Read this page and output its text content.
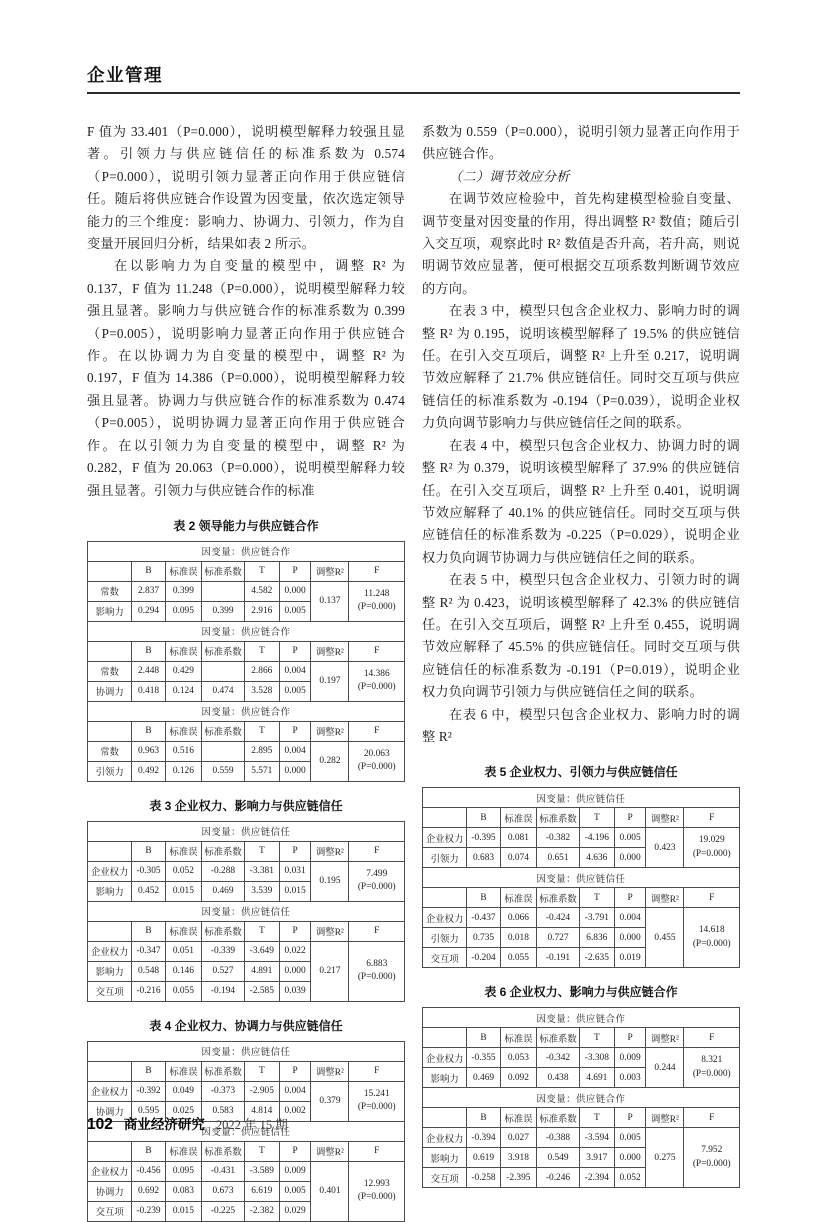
企业管理

F 值为 33.401（P=0.000），说明模型解释力较强且显著。引领力与供应链信任的标准系数为 0.574（P=0.000），说明引领力显著正向作用于供应链信任。随后将供应链合作设置为因变量，依次选定领导能力的三个维度：影响力、协调力、引领力，作为自变量开展回归分析，结果如表 2 所示。

在以影响力为自变量的模型中，调整 R² 为 0.137，F 值为 11.248（P=0.000），说明模型解释力较强且显著。影响力与供应链合作的标准系数为 0.399（P=0.005），说明影响力显著正向作用于供应链合作。在以协调力为自变量的模型中，调整 R² 为 0.197，F 值为 14.386（P=0.000），说明模型解释力较强且显著。协调力与供应链合作的标准系数为 0.474（P=0.005），说明协调力显著正向作用于供应链合作。在以引领力为自变量的模型中，调整 R² 为 0.282，F 值为 20.063（P=0.000），说明模型解释力较强且显著。引领力与供应链合作的标准

表 2 领导能力与供应链合作
因变量：供应链合作							
	B	标准误	标准系数	T	P	调整R²	F
常数	2.837	0.399		4.582	0.000	0.137	11.248
(P=0.000)

影响力	0.294	0.095	0.399	2.916	0.005		
因变量：供应链合作							
	B	标准误	标准系数	T	P	调整R²	F
常数	2.448	0.429		2.866	0.004	0.197	14.386
(P=0.000)

协调力	0.418	0.124	0.474	3.528	0.005		
因变量：供应链合作							
	B	标准误	标准系数	T	P	调整R²	F
常数	0.963	0.516		2.895	0.004	0.282	20.063
(P=0.000)

引领力	0.492	0.126	0.559	5.571	0.000		
表 3 企业权力、影响力与供应链信任
因变量：供应链信任							
	B	标准误	标准系数	T	P	调整R²	F
企业权力	-0.305	0.052	-0.288	-3.381	0.031	0.195	7.499
(P=0.000)

影响力	0.452	0.015	0.469	3.539	0.015		
因变量：供应链信任							
	B	标准误	标准系数	T	P	调整R²	F
企业权力	-0.347	0.051	-0.339	-3.649	0.022	0.217	6.883
(P=0.000)

影响力	0.548	0.146	0.527	4.891	0.000		
交互项	-0.216	0.055	-0.194	-2.585	0.039		
表 4 企业权力、协调力与供应链信任
因变量：供应链信任							
	B	标准误	标准系数	T	P	调整R²	F
企业权力	-0.392	0.049	-0.373	-2.905	0.004	0.379	15.241
(P=0.000)

协调力	0.595	0.025	0.583	4.814	0.002		
因变量：供应链信任							
	B	标准误	标准系数	T	P	调整R²	F
企业权力	-0.456	0.095	-0.431	-3.589	0.009	0.401	12.993
(P=0.000)

协调力	0.692	0.083	0.673	6.619	0.005		
交互项	-0.239	0.015	-0.225	-2.382	0.029		

系数为 0.559（P=0.000），说明引领力显著正向作用于供应链合作。

（二）调节效应分析

在调节效应检验中，首先构建模型检验自变量、调节变量对因变量的作用，得出调整 R² 数值；随后引入交互项，观察此时 R² 数值是否升高，若升高，则说明调节效应显著，便可根据交互项系数判断调节效应的方向。

在表 3 中，模型只包含企业权力、影响力时的调整 R² 为 0.195，说明该模型解释了 19.5% 的供应链信任。在引入交互项后，调整 R² 上升至 0.217，说明调节效应解释了 21.7% 供应链信任。同时交互项与供应链信任的标准系数为 -0.194（P=0.039），说明企业权力负向调节影响力与供应链信任之间的联系。

在表 4 中，模型只包含企业权力、协调力时的调整 R² 为 0.379，说明该模型解释了 37.9% 的供应链信任。在引入交互项后，调整 R² 上升至 0.401，说明调节效应解释了 40.1% 的供应链信任。同时交互项与供应链信任的标准系数为 -0.225（P=0.029），说明企业权力负向调节协调力与供应链信任之间的联系。

在表 5 中，模型只包含企业权力、引领力时的调整 R² 为 0.423，说明该模型解释了 42.3% 的供应链信任。在引入交互项后，调整 R² 上升至 0.455，说明调节效应解释了 45.5% 的供应链信任。同时交互项与供应链信任的标准系数为 -0.191（P=0.019），说明企业权力负向调节引领力与供应链信任之间的联系。

在表 6 中，模型只包含企业权力、影响力时的调整 R²

表 5 企业权力、引领力与供应链信任
因变量：供应链信任							
	B	标准误	标准系数	T	P	调整R²	F
企业权力	-0.395	0.081	-0.382	-4.196	0.005	0.423	19.029
(P=0.000)

引领力	0.683	0.074	0.651	4.636	0.000		
因变量：供应链信任							
	B	标准误	标准系数	T	P	调整R²	F
企业权力	-0.437	0.066	-0.424	-3.791	0.004	0.455	14.618
(P=0.000)

引领力	0.735	0.018	0.727	6.836	0.000		
交互项	-0.204	0.055	-0.191	-2.635	0.019		
表 6 企业权力、影响力与供应链合作
因变量：供应链合作							
	B	标准误	标准系数	T	P	调整R²	F
企业权力	-0.355	0.053	-0.342	-3.308	0.009	0.244	8.321
(P=0.000)

影响力	0.469	0.092	0.438	4.691	0.003		
因变量：供应链合作							
	B	标准误	标准系数	T	P	调整R²	F
企业权力	-0.394	0.027	-0.388	-3.594	0.005	0.275	7.952
(P=0.000)

影响力	0.619	3.918	0.549	3.917	0.000		
交互项	-0.258	-2.395	-0.246	-2.394	0.052		
102 商业经济研究 2022 年 15 期
